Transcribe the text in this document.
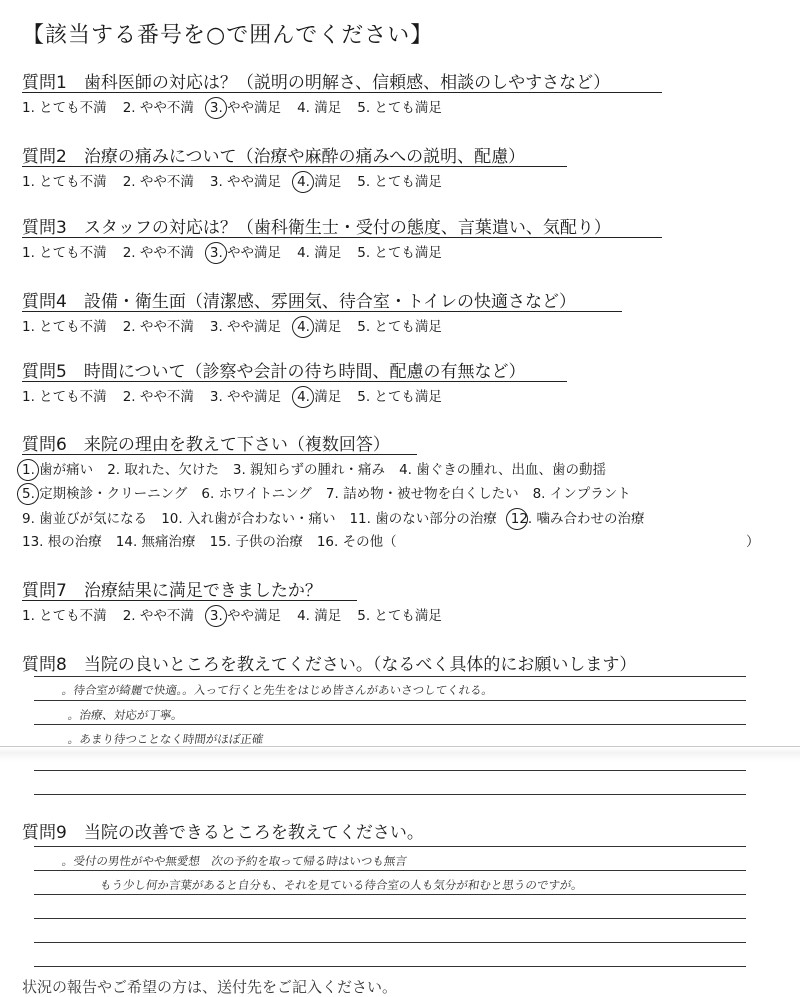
【該当する番号を○で囲んでください】
質問1　歯科医師の対応は？（説明の明解さ、信頼感、相談のしやすさなど）
1. とても不満 2. やや不満 3. やや満足 4. 満足 5. とても満足
質問2　治療の痛みについて（治療や麻酔の痛みへの説明、配慮）
1. とても不満 2. やや不満 3. やや満足 4. 満足 5. とても満足
質問3　スタッフの対応は？（歯科衛生士・受付の態度、言葉遣い、気配り）
1. とても不満 2. やや不満 3. やや満足 4. 満足 5. とても満足
質問4　設備・衛生面（清潔感、雰囲気、待合室・トイレの快適さなど）
1. とても不満 2. やや不満 3. やや満足 4. 満足 5. とても満足
質問5　時間について（診察や会計の待ち時間、配慮の有無など）
1. とても不満 2. やや不満 3. やや満足 4. 満足 5. とても満足
質問6　来院の理由を教えて下さい（複数回答）
1. 歯が痛い 2. 取れた、欠けた 3. 親知らずの腫れ・痛み 4. 歯ぐきの腫れ、出血、歯の動揺
5. 定期検診・クリーニング 6. ホワイトニング 7. 詰め物・被せ物を白くしたい 8. インプラント
9. 歯並びが気になる 10. 入れ歯が合わない・痛い 11. 歯のない部分の治療 12. 噛み合わせの治療
13. 根の治療 14. 無痛治療 15. 子供の治療 16. その他（	）
質問7　治療結果に満足できましたか？
1. とても不満 2. やや不満 3. やや満足 4. 満足 5. とても満足
質問8　当院の良いところを教えてください。（なるべく具体的にお願いします）
。待合室が綺麗で快適。。入って行くと先生をはじめ皆さんがあいさつしてくれる。
。治療、対応が丁寧。
。あまり待つことなく時間がほぼ正確
質問9　当院の改善できるところを教えてください。
。受付の男性がやや無愛想　次の予約を取って帰る時はいつも無言
もう少し何か言葉があると自分も、それを見ている待合室の人も気分が和むと思うのですが。
状況の報告やご希望の方は、送付先をご記入ください。
